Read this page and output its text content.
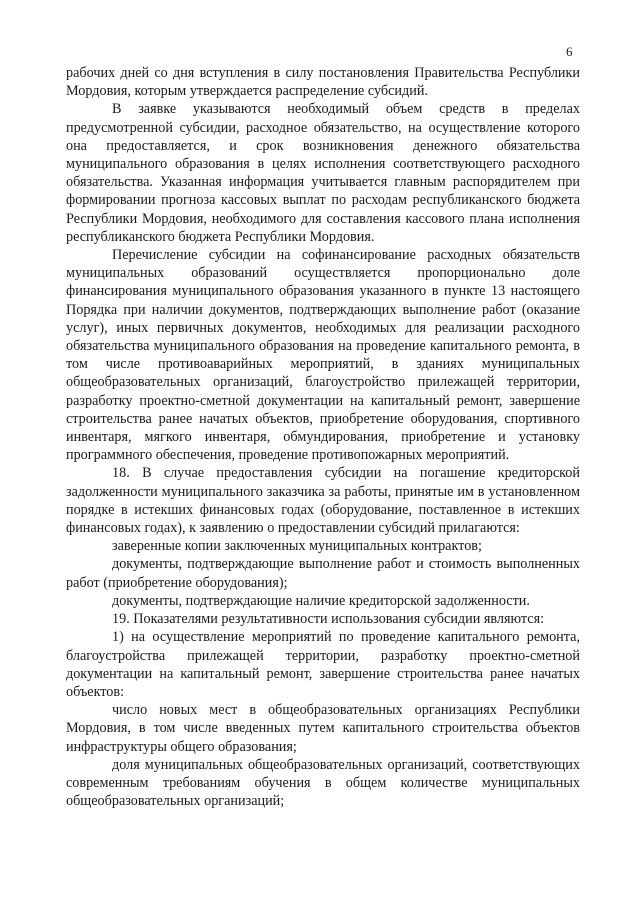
6

рабочих дней со дня вступления в силу постановления Правительства Республики Мордовия, которым утверждается распределение субсидий.

В заявке указываются необходимый объем средств в пределах предусмотренной субсидии, расходное обязательство, на осуществление которого она предоставляется, и срок возникновения денежного обязательства муниципального образования в целях исполнения соответствующего расходного обязательства. Указанная информация учитывается главным распорядителем при формировании прогноза кассовых выплат по расходам республиканского бюджета Республики Мордовия, необходимого для составления кассового плана исполнения республиканского бюджета Республики Мордовия.

Перечисление субсидии на софинансирование расходных обязательств муниципальных образований осуществляется пропорционально доле финансирования муниципального образования указанного в пункте 13 настоящего Порядка при наличии документов, подтверждающих выполнение работ (оказание услуг), иных первичных документов, необходимых для реализации расходного обязательства муниципального образования на проведение капитального ремонта, в том числе противоаварийных мероприятий, в зданиях муниципальных общеобразовательных организаций, благоустройство прилежащей территории, разработку проектно-сметной документации на капитальный ремонт, завершение строительства ранее начатых объектов, приобретение оборудования, спортивного инвентаря, мягкого инвентаря, обмундирования, приобретение и установку программного обеспечения, проведение противопожарных мероприятий.

18. В случае предоставления субсидии на погашение кредиторской задолженности муниципального заказчика за работы, принятые им в установленном порядке в истекших финансовых годах (оборудование, поставленное в истекших финансовых годах), к заявлению о предоставлении субсидий прилагаются:

заверенные копии заключенных муниципальных контрактов;

документы, подтверждающие выполнение работ и стоимость выполненных работ (приобретение оборудования);

документы, подтверждающие наличие кредиторской задолженности.

19. Показателями результативности использования субсидии являются:

1) на осуществление мероприятий по проведение капитального ремонта, благоустройства прилежащей территории, разработку проектно-сметной документации на капитальный ремонт, завершение строительства ранее начатых объектов:

число новых мест в общеобразовательных организациях Республики Мордовия, в том числе введенных путем капитального строительства объектов инфраструктуры общего образования;

доля муниципальных общеобразовательных организаций, соответствующих современным требованиям обучения в общем количестве муниципальных общеобразовательных организаций;
